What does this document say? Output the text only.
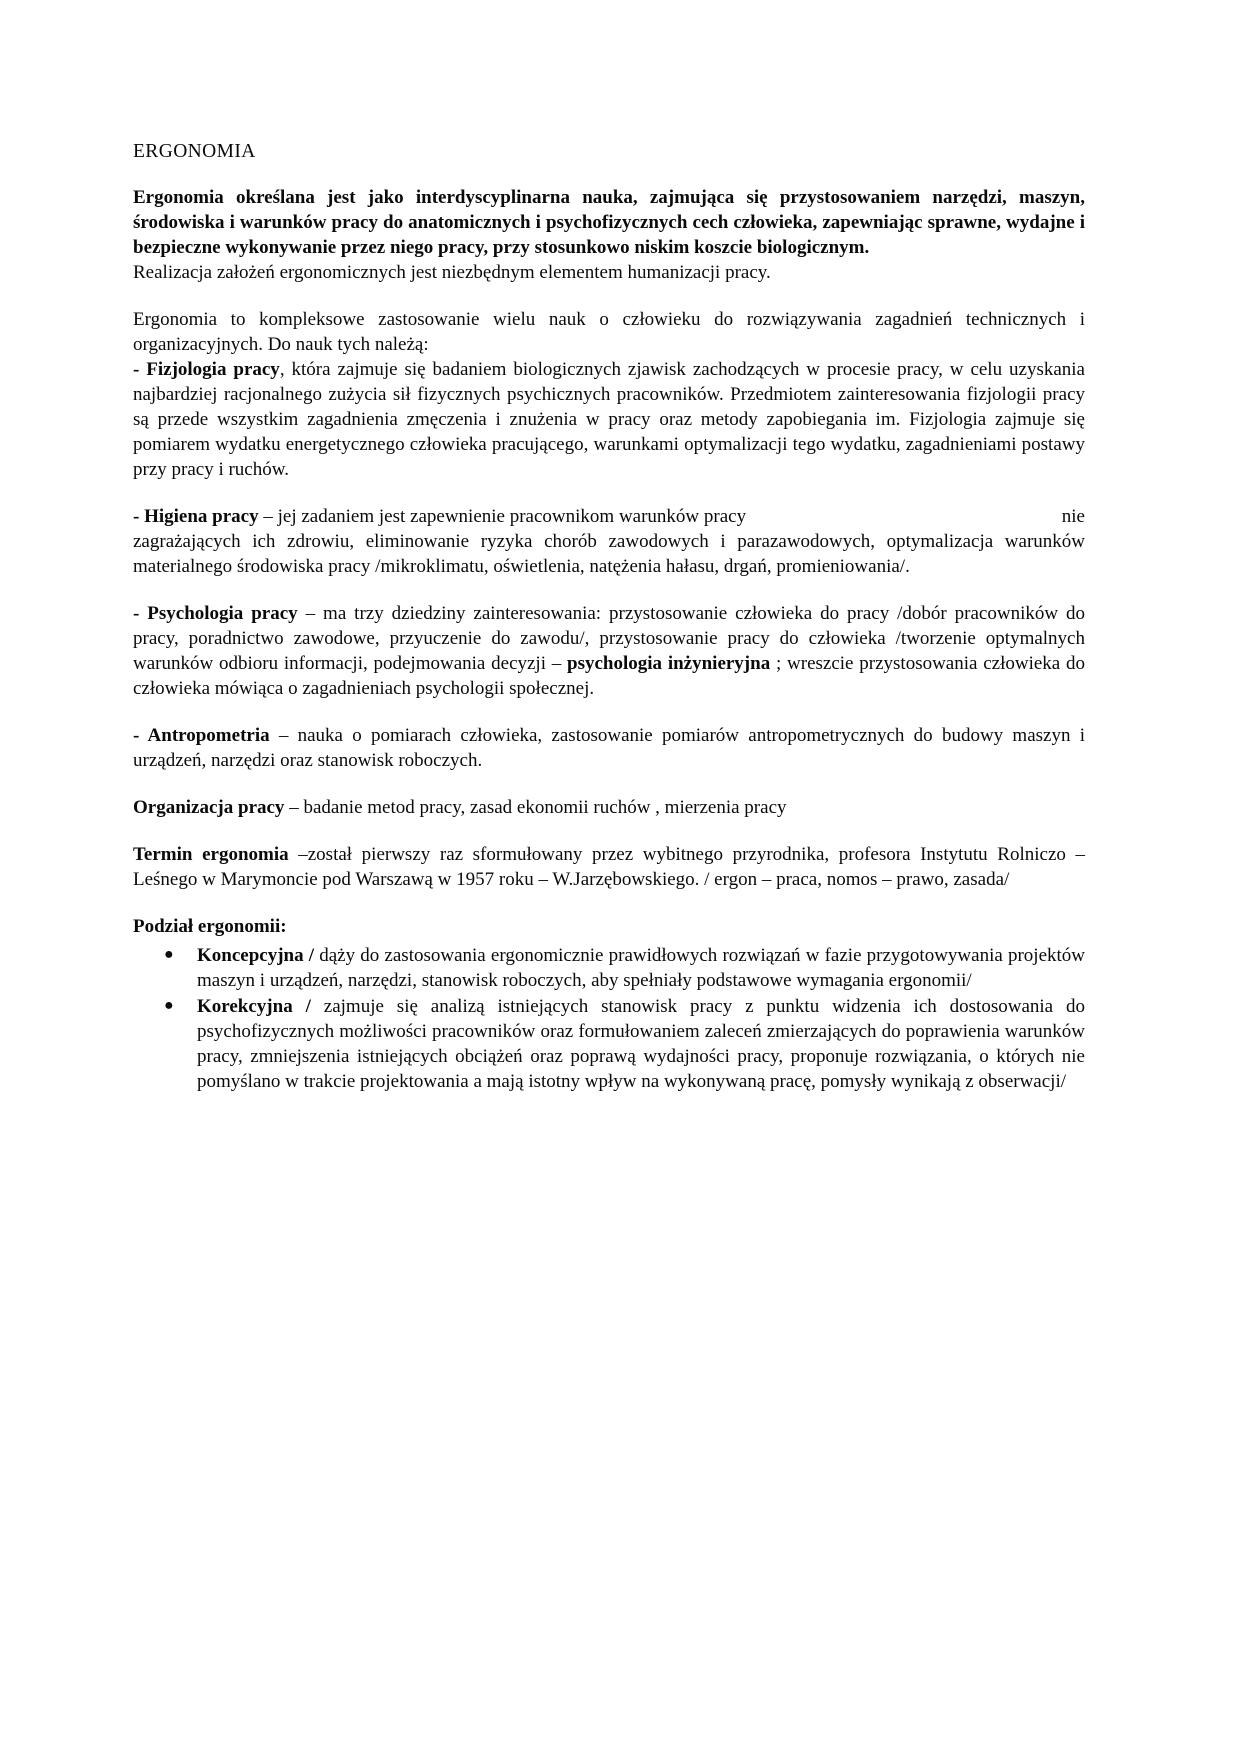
ERGONOMIA
Ergonomia określana jest jako interdyscyplinarna nauka, zajmująca się przystosowaniem narzędzi, maszyn, środowiska i warunków pracy do anatomicznych i psychofizycznych cech człowieka, zapewniając sprawne, wydajne i bezpieczne wykonywanie przez niego pracy, przy stosunkowo niskim koszcie biologicznym.
Realizacja założeń ergonomicznych jest niezbędnym elementem humanizacji pracy.
Ergonomia to kompleksowe zastosowanie wielu nauk o człowieku do rozwiązywania zagadnień technicznych i organizacyjnych. Do nauk tych należą:
- Fizjologia pracy, która zajmuje się badaniem biologicznych zjawisk zachodzących w procesie pracy, w celu uzyskania najbardziej racjonalnego zużycia sił fizycznych psychicznych pracowników. Przedmiotem zainteresowania fizjologii pracy są przede wszystkim zagadnienia zmęczenia i znużenia w pracy oraz metody zapobiegania im. Fizjologia zajmuje się pomiarem wydatku energetycznego człowieka pracującego, warunkami optymalizacji tego wydatku, zagadnieniami postawy przy pracy i ruchów.
- Higiena pracy – jej zadaniem jest zapewnienie pracownikom warunków pracy	nie
zagrażających ich zdrowiu, eliminowanie ryzyka chorób zawodowych i parazawodowych, optymalizacja warunków materialnego środowiska pracy /mikroklimatu, oświetlenia, natężenia hałasu, drgań, promieniowania/.
- Psychologia pracy – ma trzy dziedziny zainteresowania: przystosowanie człowieka do pracy /dobór pracowników do pracy, poradnictwo zawodowe, przyuczenie do zawodu/, przystosowanie pracy do człowieka /tworzenie optymalnych warunków odbioru informacji, podejmowania decyzji – psychologia inżynieryjna ; wreszcie przystosowania człowieka do człowieka mówiąca o zagadnieniach psychologii społecznej.
- Antropometria – nauka o pomiarach człowieka, zastosowanie pomiarów antropometrycznych do budowy maszyn i urządzeń, narzędzi oraz stanowisk roboczych.
Organizacja pracy – badanie metod pracy, zasad ekonomii ruchów , mierzenia pracy
Termin ergonomia –został pierwszy raz sformułowany przez wybitnego przyrodnika, profesora Instytutu Rolniczo – Leśnego w Marymoncie pod Warszawą w 1957 roku – W.Jarzębowskiego. / ergon – praca, nomos – prawo, zasada/

Podział ergonomii:

● Koncepcyjna / dąży do zastosowania ergonomicznie prawidłowych rozwiązań w fazie przygotowywania projektów maszyn i urządzeń, narzędzi, stanowisk roboczych, aby spełniały podstawowe wymagania ergonomii/
● Korekcyjna / zajmuje się analizą istniejących stanowisk pracy z punktu widzenia ich dostosowania do psychofizycznych możliwości pracowników oraz formułowaniem zaleceń zmierzających do poprawienia warunków pracy, zmniejszenia istniejących obciążeń oraz poprawą wydajności pracy, proponuje rozwiązania, o których nie pomyślano w trakcie projektowania a mają istotny wpływ na wykonywaną pracę, pomysły wynikają z obserwacji/
